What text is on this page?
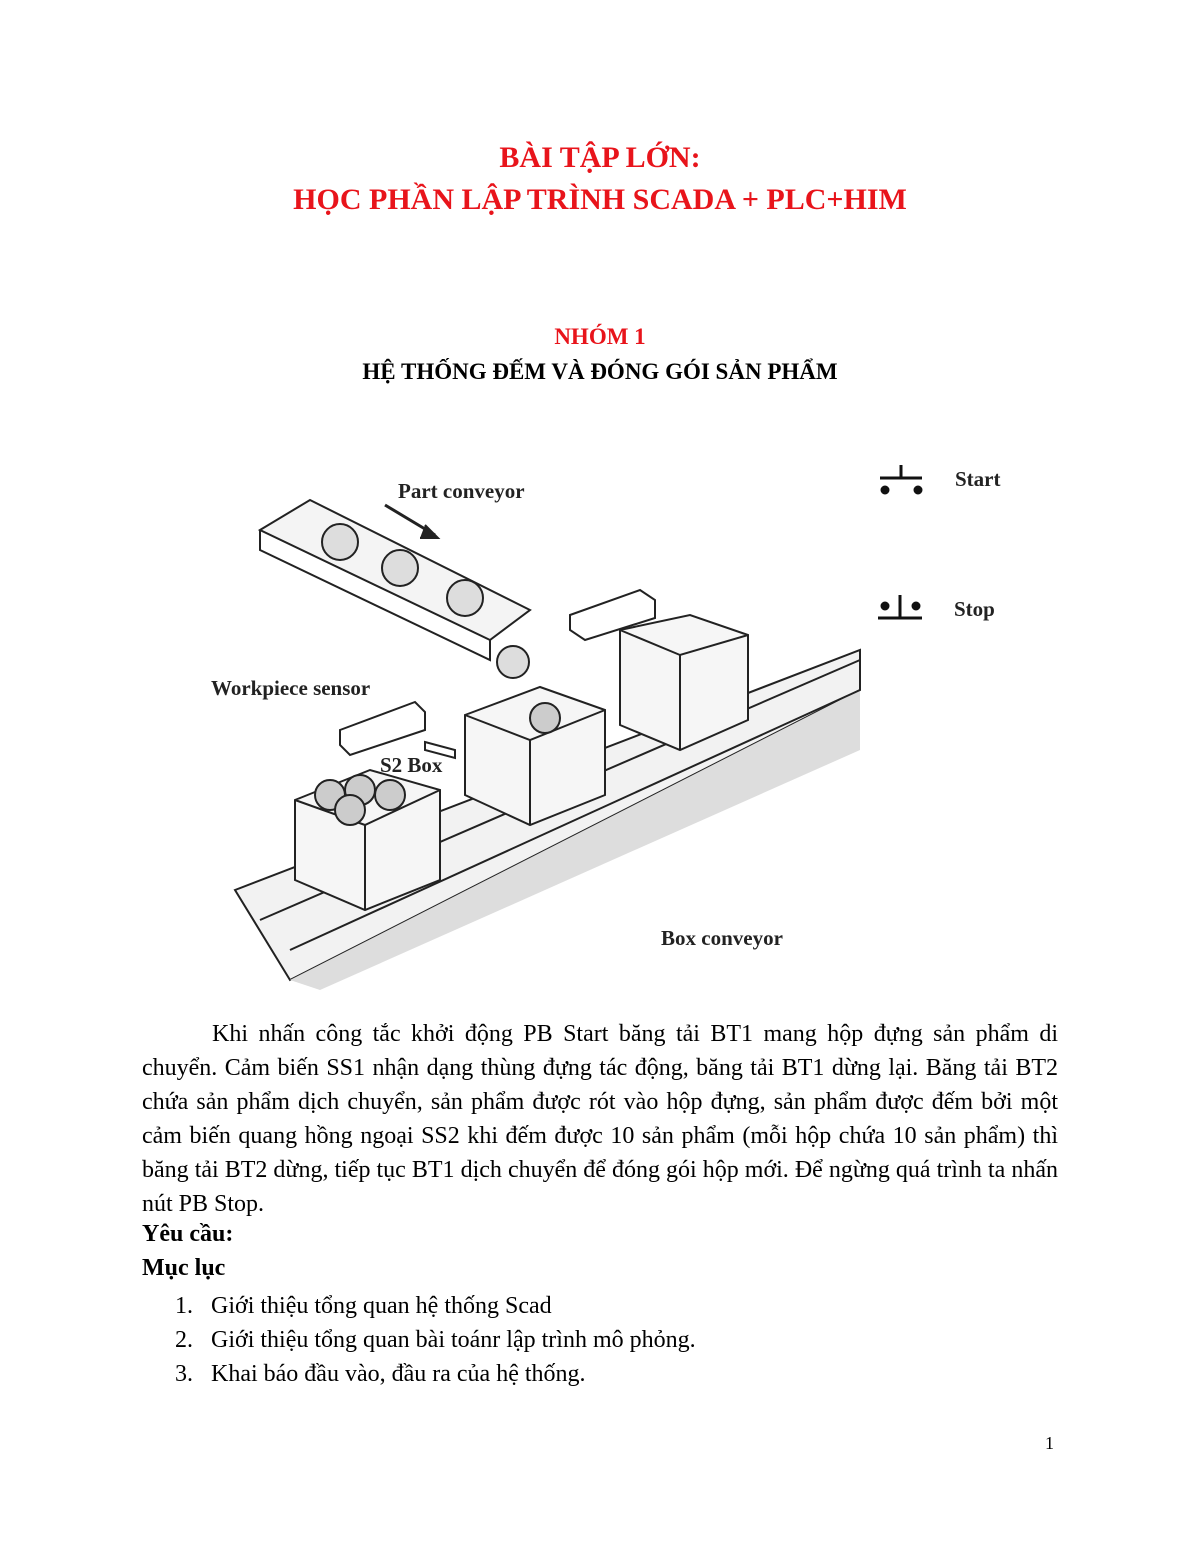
BÀI TẬP LỚN:
HỌC PHẦN LẬP TRÌNH SCADA + PLC+HIM
NHÓM 1
HỆ THỐNG ĐẾM VÀ ĐÓNG GÓI SẢN PHẨM
Part conveyor
Workpiece sensor
S2 Box
Box conveyor
Start
Stop
Khi nhấn công tắc khởi động PB Start băng tải BT1 mang hộp đựng sản phẩm di chuyển. Cảm biến SS1 nhận dạng thùng đựng tác động, băng tải BT1 dừng lại. Băng tải BT2 chứa sản phẩm dịch chuyển, sản phẩm được rót vào hộp đựng, sản phẩm được đếm bởi một cảm biến quang hồng ngoại SS2 khi đếm được 10 sản phẩm (mỗi hộp chứa 10 sản phẩm) thì băng tải BT2 dừng, tiếp tục BT1 dịch chuyển để đóng gói hộp mới. Để ngừng quá trình ta nhấn nút PB Stop.
Yêu cầu:
Mục lục
1. Giới thiệu tổng quan hệ thống Scad
2. Giới thiệu tổng quan bài toánr lập trình mô phỏng.
3. Khai báo đầu vào, đầu ra của hệ thống.
1
